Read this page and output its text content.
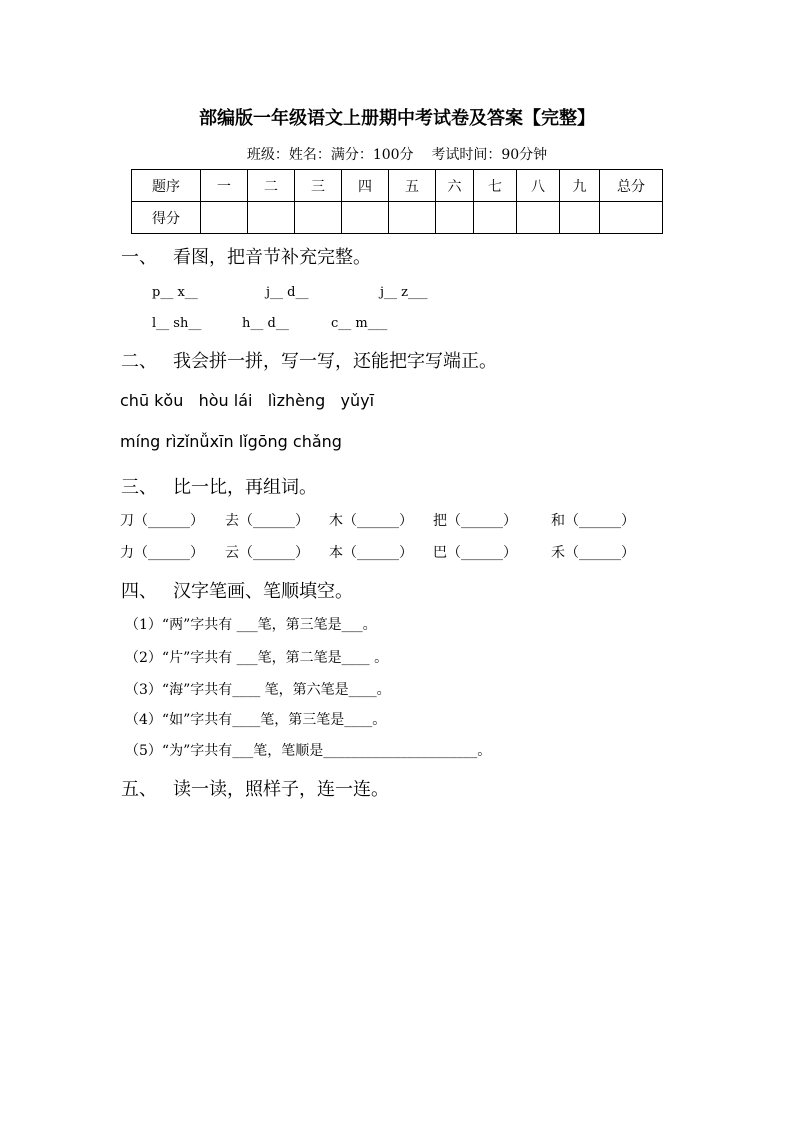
部编版一年级语文上册期中考试卷及答案【完整】
班级：姓名：满分：100分    考试时间：90分钟
题序	一	二	三	四	五	六	七	八	九	总分
得分										
一、 看图，把音节补充完整。
p__ x__	j__ d__	j__ z___
l__ sh__	h__ d__	c__ m___
二、 我会拼一拼，写一写，还能把字写端正。
chū kǒu   hòu lái   lìzhèng   yǔyī
míng rìzǐnǚxīn lǐgōng chǎng
三、 比一比，再组词。
刀（______） 去（______） 木（______） 把（______） 和（______）
力（______） 云（______） 本（______） 巴（______） 禾（______）
四、 汉字笔画、笔顺填空。
（1）“两”字共有 ___笔，第三笔是___。
（2）“片”字共有 ___笔，第二笔是____ 。
（3）“海”字共有____ 笔，第六笔是____。
（4）“如”字共有____笔，第三笔是____。
（5）“为”字共有___笔，笔顺是______________________。
五、 读一读，照样子，连一连。
